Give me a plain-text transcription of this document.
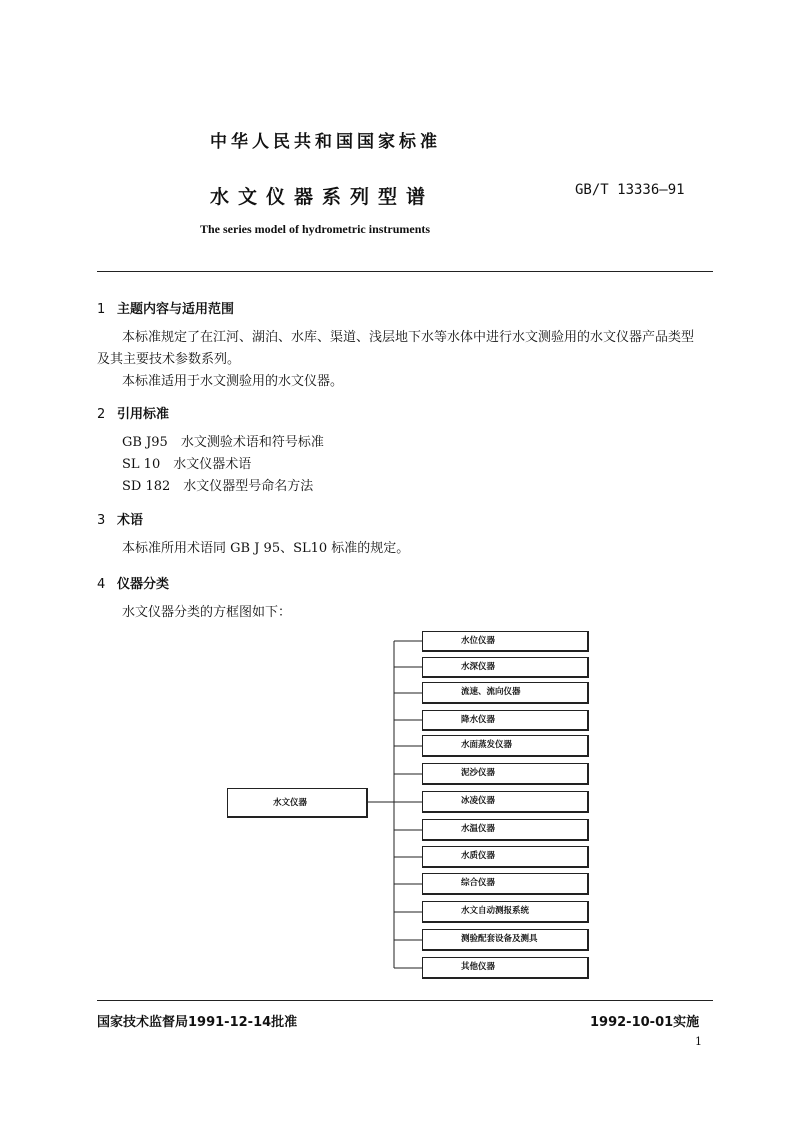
中华人民共和国国家标准
水文仪器系列型谱	GB/T 13336—91
The series model of hydrometric instruments
1 主题内容与适用范围
本标准规定了在江河、湖泊、水库、渠道、浅层地下水等水体中进行水文测验用的水文仪器产品类型
及其主要技术参数系列。
本标准适用于水文测验用的水文仪器。
2 引用标准
GB J95　水文测验术语和符号标准
SL 10　水文仪器术语
SD 182　水文仪器型号命名方法
3 术语
本标准所用术语同 GB J 95、SL10 标准的规定。
4 仪器分类
水文仪器分类的方框图如下：
水文仪器
水位仪器
水深仪器
流速、流向仪器
降水仪器
水面蒸发仪器
泥沙仪器
冰凌仪器
水温仪器
水质仪器
综合仪器
水文自动测报系统
测验配套设备及测具
其他仪器
国家技术监督局1991-12-14批准	1992-10-01实施
1
